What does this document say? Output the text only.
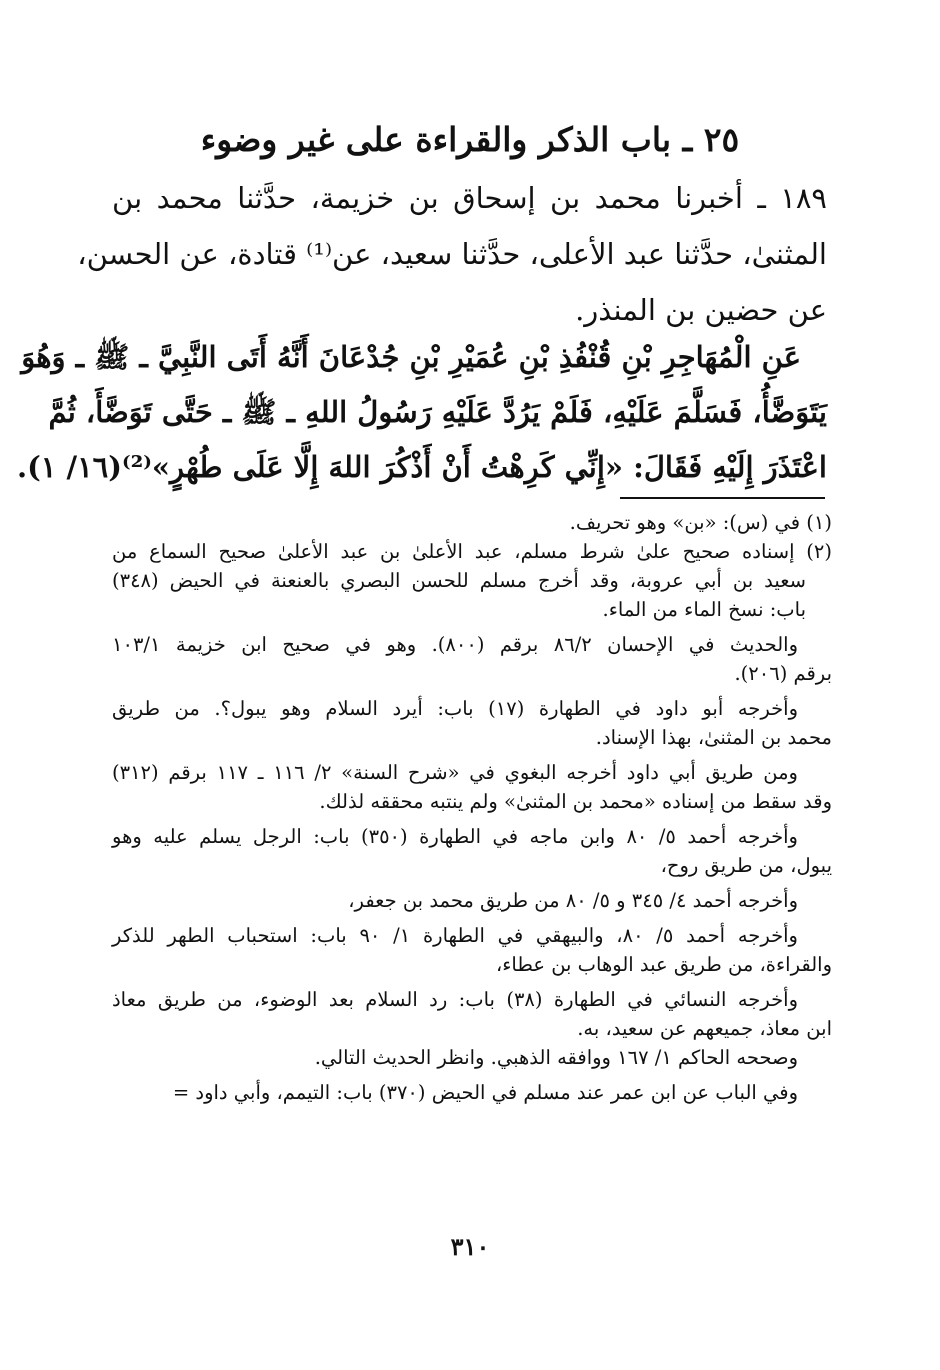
٢٥ ـ باب الذكر والقراءة على غير وضوء
١٨٩ ـ أخبرنا محمد بن إسحاق بن خزيمة، حدَّثنا محمد بن
المثنىٰ، حدَّثنا عبد الأعلى، حدَّثنا سعيد، عن⁽¹⁾ قتادة، عن الحسن،
عن حضين بن المنذر.
عَنِ الْمُهَاجِرِ بْنِ قُنْفُذِ بْنِ عُمَيْرِ بْنِ جُدْعَانَ أَنَّهُ أَتَى النَّبِيَّ ـ ﷺ ـ وَهُوَ
يَتَوَضَّأُ، فَسَلَّمَ عَلَيْهِ، فَلَمْ يَرُدَّ عَلَيْهِ رَسُولُ اللهِ ـ ﷺ ـ حَتَّى تَوَضَّأَ، ثُمَّ
اعْتَذَرَ إِلَيْهِ فَقَالَ: «إِنِّي كَرِهْتُ أَنْ أَذْكُرَ اللهَ إِلَّا عَلَى طُهْرٍ»⁽²⁾(١٦/ ١).
(١) في (س): «بن» وهو تحريف.
(٢) إسناده صحيح علىٰ شرط مسلم، عبد الأعلىٰ بن عبد الأعلىٰ صحيح السماع من
سعيد بن أبي عروبة، وقد أخرج مسلم للحسن البصري بالعنعنة في الحيض (٣٤٨)
باب: نسخ الماء من الماء.
والحديث في الإحسان ٨٦/٢ برقم (٨٠٠). وهو في صحيح ابن خزيمة ١٠٣/١
برقم (٢٠٦).
وأخرجه أبو داود في الطهارة (١٧) باب: أيرد السلام وهو يبول؟. من طريق
محمد بن المثنىٰ، بهذا الإسناد.
ومن طريق أبي داود أخرجه البغوي في «شرح السنة» ٢/ ١١٦ ـ ١١٧ برقم (٣١٢)
وقد سقط من إسناده «محمد بن المثنىٰ» ولم ينتبه محققه لذلك.
وأخرجه أحمد ٥/ ٨٠ وابن ماجه في الطهارة (٣٥٠) باب: الرجل يسلم عليه وهو
يبول، من طريق روح،
وأخرجه أحمد ٤/ ٣٤٥ و ٥/ ٨٠ من طريق محمد بن جعفر،
وأخرجه أحمد ٥/ ٨٠، والبيهقي في الطهارة ١/ ٩٠ باب: استحباب الطهر للذكر
والقراءة، من طريق عبد الوهاب بن عطاء،
وأخرجه النسائي في الطهارة (٣٨) باب: رد السلام بعد الوضوء، من طريق معاذ
ابن معاذ، جميعهم عن سعيد، به.
وصححه الحاكم ١/ ١٦٧ ووافقه الذهبي. وانظر الحديث التالي.
وفي الباب عن ابن عمر عند مسلم في الحيض (٣٧٠) باب: التيمم، وأبي داود =
٣١٠
